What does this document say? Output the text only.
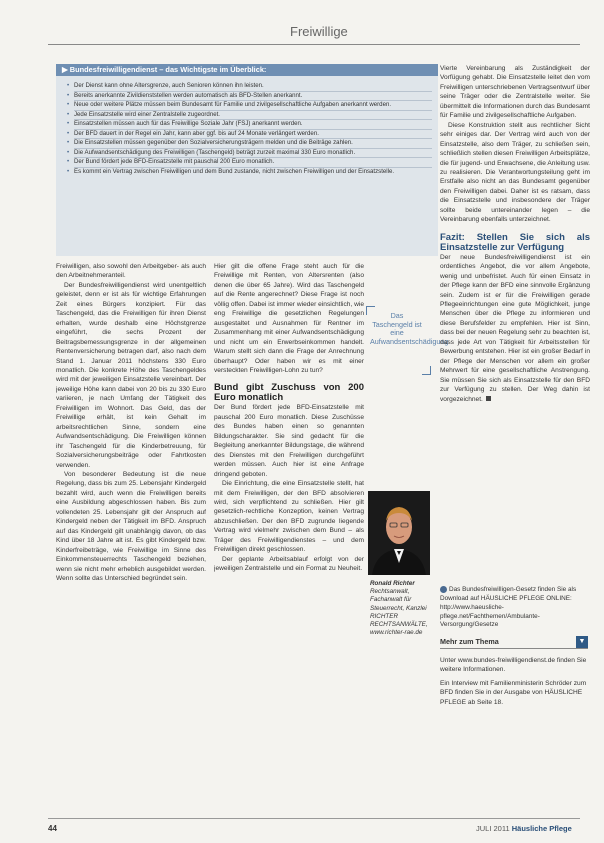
Freiwillige
▶ Bundesfreiwilligendienst – das Wichtigste im Überblick:
• Der Dienst kann ohne Altersgrenze, auch Senioren können ihn leisten.
• Bereits anerkannte Zivildienststellen werden automatisch als BFD-Stellen anerkannt.
• Neue oder weitere Plätze müssen beim Bundesamt für Familie und zivilgesellschaftliche Aufgaben anerkannt werden.
• Jede Einsatzstelle wird einer Zentralstelle zugeordnet.
• Einsatzstellen müssen auch für das Freiwillige Soziale Jahr (FSJ) anerkannt werden.
• Der BFD dauert in der Regel ein Jahr, kann aber ggf. bis auf 24 Monate verlängert werden.
• Die Einsatzstellen müssen gegenüber den Sozialversicherungsträgern melden und die Beiträge zahlen.
• Die Aufwandsentschädigung des Freiwilligen (Taschengeld) beträgt zurzeit maximal 330 Euro monatlich.
• Der Bund fördert jede BFD-Einsatzstelle mit pauschal 200 Euro monatlich.
• Es kommt ein Vertrag zwischen Freiwilligen und dem Bund zustande, nicht zwischen Freiwilligen und der Einsatzstelle.

Freiwilligen, also sowohl den Arbeitgeber- als auch den Arbeitnehmeranteil.

Der Bundesfreiwilligendienst wird unentgeltlich geleistet, denn er ist als für wichtige Erfahrungen Zeit eines Bürgers konzipiert. Für das Taschengeld, das die Freiwilligen für ihren Dienst erhalten, wurde deshalb eine Höchstgrenze eingeführt, die sechs Prozent der Beitragsbemessungsgrenze in der allgemeinen Rentenversicherung betragen darf, also nach dem Stand 1. Januar 2011 höchstens 330 Euro monatlich. Die konkrete Höhe des Taschengeldes wird mit der jeweiligen Einsatzstelle vereinbart. Der jeweilige Höhe kann dabei von 20 bis zu 330 Euro variieren, je nach Umfang der Tätigkeit des Freiwilligen im Wohnort. Das Geld, das der Freiwillige erhält, ist kein Gehalt im arbeitsrechtlichen Sinne, sondern eine Aufwandsentschädigung. Die Freiwilligen können ihr Taschengeld für die Kinderbetreuung, für Sozialversicherungsbeiträge oder Fahrtkosten verwenden.

Von besonderer Bedeutung ist die neue Regelung, dass bis zum 25. Lebensjahr Kindergeld bezahlt wird, auch wenn die Freiwilligen bereits eine Ausbildung abgeschlossen haben. Bis zum vollendeten 25. Lebensjahr gilt der Anspruch auf Kindergeld neben der Tätigkeit im BFD. Anspruch auf das Kindergeld gilt unabhängig davon, ob das Kind über 18 Jahre alt ist. Es gibt Kindergeld bzw. Kinderfreibeträge, wie Freiwillige im Sinne des Einkommensteuerrechts Taschengeld beziehen, wenn sie nicht mehr erheblich ausgebildet werden. Wenn sollte das Unterschied begründet sein.

Hier gilt die offene Frage steht auch für die Freiwillige mit Renten, von Altersrenten (also denen die über 65 Jahre). Wird das Taschengeld auf die Rente angerechnet? Diese Frage ist noch völlig offen. Dabei ist immer wieder einsichtlich, wie eng Freiwillige die gesetzlichen Regelungen ausgestaltet und Ausnahmen für Rentner im Zusammenhang mit einer Aufwandsentschädigung und nicht um ein Erwerbseinkommen handelt. Warum stellt sich dann die Frage der Anrechnung überhaupt? Oder haben wir es mit einer versteckten Freiwilligen-Lohn zu tun?

Bund gibt Zuschuss von 200 Euro monatlich

Der Bund fördert jede BFD-Einsatzstelle mit pauschal 200 Euro monatlich. Diese Zuschüsse des Bundes haben einen so genannten Bildungscharakter. Sie sind gedacht für die Begleitung anerkannter Bildungstage, die während des Dienstes mit den Freiwilligen durchgeführt werden müssen. Auch hier ist eine Anfrage dringend geboten.

Die Einrichtung, die eine Einsatzstelle stellt, hat mit dem Freiwilligen, der den BFD absolvieren wird, sich verpflichtend zu schließen. Hier gilt gesetzlich-rechtliche Konzeption, keinen Vertrag abzuschließen. Der den BFD zugrunde liegende Vertrag wird vielmehr zwischen dem Bund – als Träger des Freiwilligendienstes – und dem Freiwilligen direkt geschlossen.

Der geplante Arbeitsablauf erfolgt von der jeweiligen Zentralstelle und ein Format zu Neuheit.

Das Taschengeld ist eine Aufwandsentschädigung
Ronald Richter
Rechtsanwalt, Fachanwalt für Steuerrecht, Kanzlei RICHTER RECHTSANWÄLTE, www.richter-rae.de

Vierte Vereinbarung als Zuständigkeit der Vorfügung gehabt. Die Einsatzstelle leitet den vom Freiwilligen unterschriebenen Vertragsentwurf über seine Träger oder die Zentralstelle weiter. Sie übermittelt die Informationen durch das Bundesamt für Familie und zivilgesellschaftliche Aufgaben.

Diese Konstruktion stellt aus rechtlicher Sicht sehr einiges dar. Der Vertrag wird auch von der Einsatzstelle, also dem Träger, zu schließen sein, schließlich stellen diesen Freiwilligen Arbeitsplätze, die für jugend- und Erwachsene, die Anleitung usw. zu realisieren. Die Verantwortungsteilung geht im Erstfalle also nicht an das Bundesamt gegenüber den Freiwilligen dabei. Daher ist es ratsam, dass die Einsatzstelle und insbesondere der Träger sollte beide untereinander legen – die Vereinbarung ebenfalls unterzeichnet.

Fazit: Stellen Sie sich als Einsatzstelle zur Verfügung

Der neue Bundesfreiwilligendienst ist ein ordentliches Angebot, die vor allem Angebote, wenig und unbefristet. Auch für einen Einsatz in der Pflege kann der BFD eine sinnvolle Ergänzung sein. Zudem ist er für die Freiwilligen gerade Pflegeeinrichtungen eine gute Möglichkeit, junge Menschen über die Pflege zu informieren und diese Berufsfelder zu empfehlen. Hier ist Sinn, dass bei der neuen Regelung sehr zu beachten ist, dass jede Art von Tätigkeit für Arbeitsstellen für Bewerbung entstehen. Hier ist ein großer Bedarf in der Pflege der Menschen vor allem ein großer Mehrwert für eine gesellschaftliche Anstrengung. Sie müssen Sie sich als Einsatzstelle für den BFD zur Verfügung zu stellen. Der Weg dahin ist vorgezeichnet.

Das Bundesfreiwilligen-Gesetz finden Sie als Download auf HÄUSLICHE PFLEGE ONLINE: http://www.haeusliche-pflege.net/Fachthemen/Ambulante-Versorgung/Gesetze
Mehr zum Thema	▼

Unter www.bundes-freiwilligendienst.de finden Sie weitere Informationen.

Ein Interview mit Familienministerin Schröder zum BFD finden Sie in der Ausgabe von HÄUSLICHE PFLEGE ab Seite 18.

44	JULI 2011 Häusliche Pflege
